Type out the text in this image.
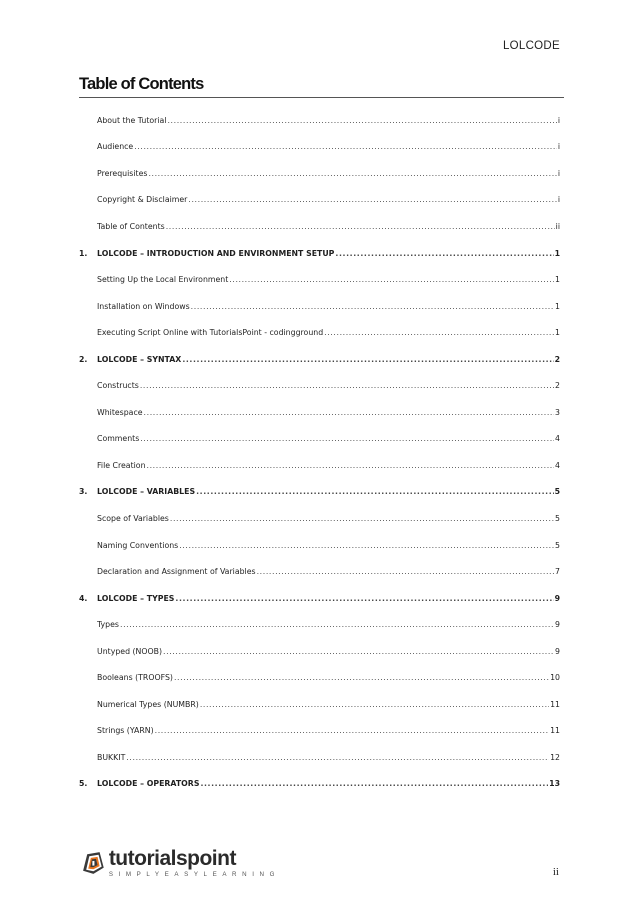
LOLCODE
Table of Contents
About the Tutorial .....	i
Audience .....	i
Prerequisites .....	i
Copyright & Disclaimer .....	i
Table of Contents .....	ii
1. LOLCODE – INTRODUCTION AND ENVIRONMENT SETUP .....	1
Setting Up the Local Environment .....	1
Installation on Windows .....	1
Executing Script Online with TutorialsPoint - codingground .....	1
2. LOLCODE – SYNTAX .....	2
Constructs .....	2
Whitespace .....	3
Comments .....	4
File Creation .....	4
3. LOLCODE – VARIABLES .....	5
Scope of Variables .....	5
Naming Conventions .....	5
Declaration and Assignment of Variables .....	7
4. LOLCODE – TYPES .....	9
Types .....	9
Untyped (NOOB) .....	9
Booleans (TROOFS) .....	10
Numerical Types (NUMBR) .....	11
Strings (YARN) .....	11
BUKKIT .....	12
5. LOLCODE – OPERATORS .....	13
tutorialspoint
SIMPLYEASYLEARNING	ii
